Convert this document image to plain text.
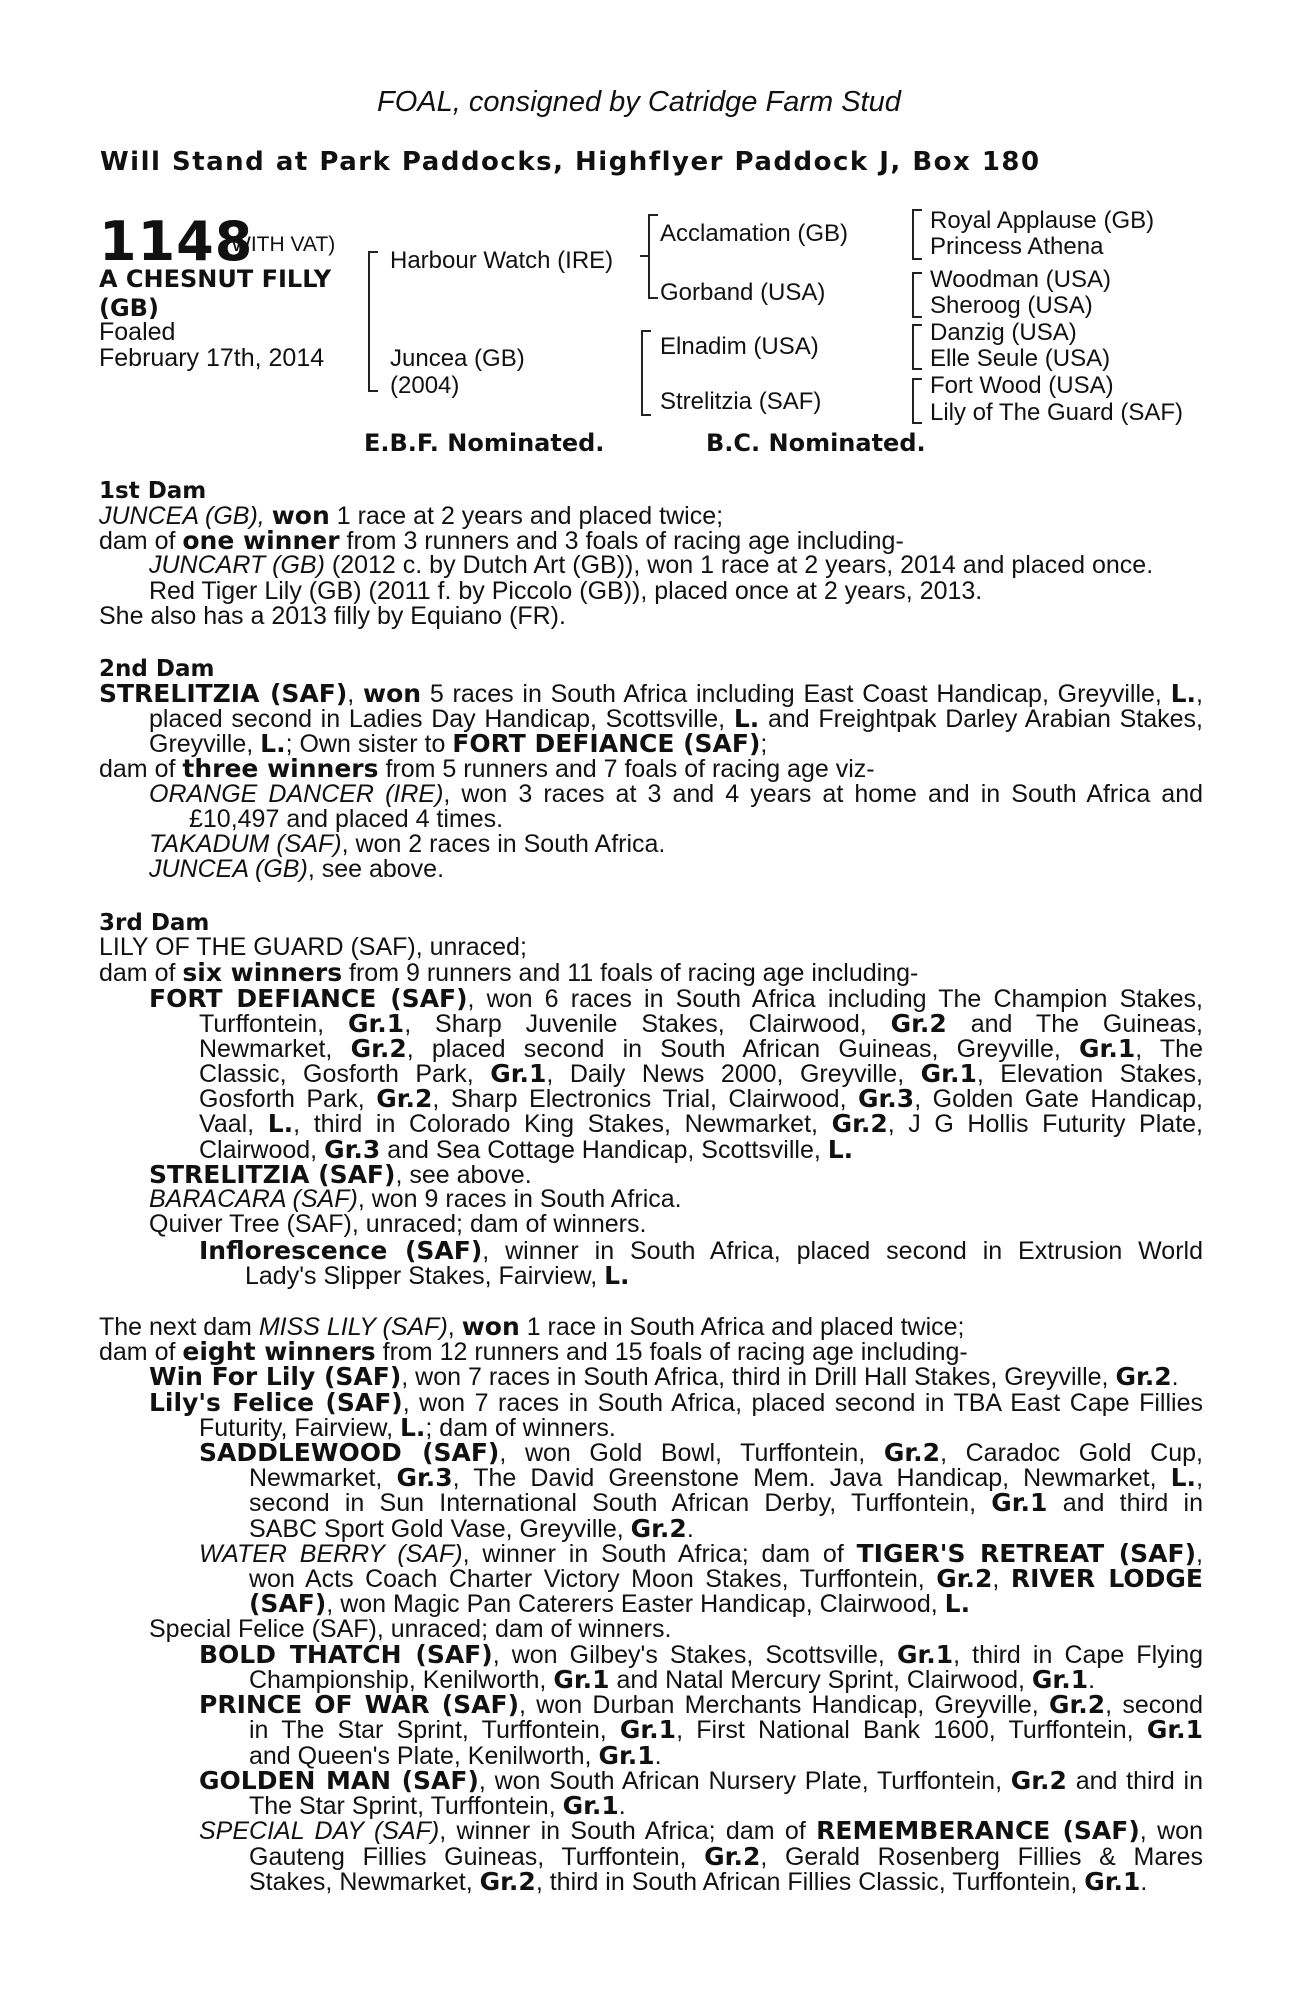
FOAL, consigned by Catridge Farm Stud
Will Stand at Park Paddocks, Highflyer Paddock J, Box 180
1148
(WITH VAT)
A CHESNUT FILLY
(GB)
Foaled
February 17th, 2014
Harbour Watch (IRE)
Juncea (GB)
(2004)
Acclamation (GB)
Gorband (USA)
Elnadim (USA)
Strelitzia (SAF)
Royal Applause (GB)
Princess Athena
Woodman (USA)
Sheroog (USA)
Danzig (USA)
Elle Seule (USA)
Fort Wood (USA)
Lily of The Guard (SAF)
E.B.F. Nominated.	B.C. Nominated.
1st Dam
JUNCEA (GB), won 1 race at 2 years and placed twice;
dam of one winner from 3 runners and 3 foals of racing age including-
JUNCART (GB) (2012 c. by Dutch Art (GB)), won 1 race at 2 years, 2014 and placed once.
Red Tiger Lily (GB) (2011 f. by Piccolo (GB)), placed once at 2 years, 2013.
She also has a 2013 filly by Equiano (FR).
2nd Dam
STRELITZIA (SAF), won 5 races in South Africa including East Coast Handicap, Greyville, L.,
placed second in Ladies Day Handicap, Scottsville, L. and Freightpak Darley Arabian Stakes,
Greyville, L.; Own sister to FORT DEFIANCE (SAF);
dam of three winners from 5 runners and 7 foals of racing age viz-
ORANGE DANCER (IRE), won 3 races at 3 and 4 years at home and in South Africa and
£10,497 and placed 4 times.
TAKADUM (SAF), won 2 races in South Africa.
JUNCEA (GB), see above.
3rd Dam
LILY OF THE GUARD (SAF), unraced;
dam of six winners from 9 runners and 11 foals of racing age including-
FORT DEFIANCE (SAF), won 6 races in South Africa including The Champion Stakes,
Turffontein, Gr.1, Sharp Juvenile Stakes, Clairwood, Gr.2 and The Guineas,
Newmarket, Gr.2, placed second in South African Guineas, Greyville, Gr.1, The
Classic, Gosforth Park, Gr.1, Daily News 2000, Greyville, Gr.1, Elevation Stakes,
Gosforth Park, Gr.2, Sharp Electronics Trial, Clairwood, Gr.3, Golden Gate Handicap,
Vaal, L., third in Colorado King Stakes, Newmarket, Gr.2, J G Hollis Futurity Plate,
Clairwood, Gr.3 and Sea Cottage Handicap, Scottsville, L.
STRELITZIA (SAF), see above.
BARACARA (SAF), won 9 races in South Africa.
Quiver Tree (SAF), unraced; dam of winners.
Inflorescence (SAF), winner in South Africa, placed second in Extrusion World
Lady's Slipper Stakes, Fairview, L.
The next dam MISS LILY (SAF), won 1 race in South Africa and placed twice;
dam of eight winners from 12 runners and 15 foals of racing age including-
Win For Lily (SAF), won 7 races in South Africa, third in Drill Hall Stakes, Greyville, Gr.2.
Lily's Felice (SAF), won 7 races in South Africa, placed second in TBA East Cape Fillies
Futurity, Fairview, L.; dam of winners.
SADDLEWOOD (SAF), won Gold Bowl, Turffontein, Gr.2, Caradoc Gold Cup,
Newmarket, Gr.3, The David Greenstone Mem. Java Handicap, Newmarket, L.,
second in Sun International South African Derby, Turffontein, Gr.1 and third in
SABC Sport Gold Vase, Greyville, Gr.2.
WATER BERRY (SAF), winner in South Africa; dam of TIGER'S RETREAT (SAF),
won Acts Coach Charter Victory Moon Stakes, Turffontein, Gr.2, RIVER LODGE
(SAF), won Magic Pan Caterers Easter Handicap, Clairwood, L.
Special Felice (SAF), unraced; dam of winners.
BOLD THATCH (SAF), won Gilbey's Stakes, Scottsville, Gr.1, third in Cape Flying
Championship, Kenilworth, Gr.1 and Natal Mercury Sprint, Clairwood, Gr.1.
PRINCE OF WAR (SAF), won Durban Merchants Handicap, Greyville, Gr.2, second
in The Star Sprint, Turffontein, Gr.1, First National Bank 1600, Turffontein, Gr.1
and Queen's Plate, Kenilworth, Gr.1.
GOLDEN MAN (SAF), won South African Nursery Plate, Turffontein, Gr.2 and third in
The Star Sprint, Turffontein, Gr.1.
SPECIAL DAY (SAF), winner in South Africa; dam of REMEMBERANCE (SAF), won
Gauteng Fillies Guineas, Turffontein, Gr.2, Gerald Rosenberg Fillies & Mares
Stakes, Newmarket, Gr.2, third in South African Fillies Classic, Turffontein, Gr.1.
